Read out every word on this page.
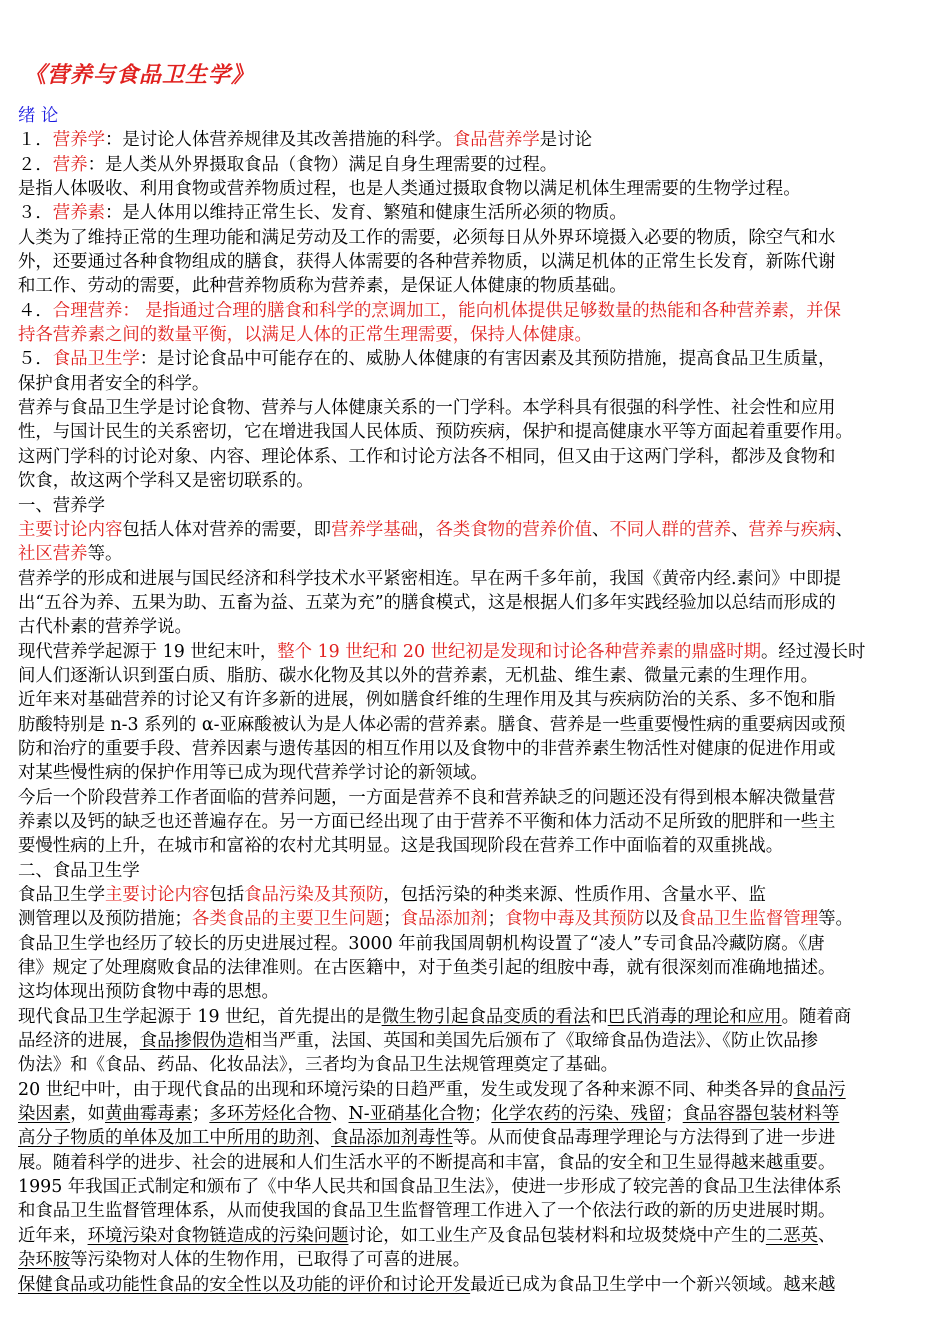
《营养与食品卫生学》
绪 论
１．营养学：是讨论人体营养规律及其改善措施的科学。食品营养学是讨论
２．营养：是人类从外界摄取食品（食物）满足自身生理需要的过程。
是指人体吸收、利用食物或营养物质过程，也是人类通过摄取食物以满足机体生理需要的生物学过程。
３．营养素：是人体用以维持正常生长、发育、繁殖和健康生活所必须的物质。
人类为了维持正常的生理功能和满足劳动及工作的需要，必须每日从外界环境摄入必要的物质，除空气和水
外，还要通过各种食物组成的膳食，获得人体需要的各种营养物质，以满足机体的正常生长发育，新陈代谢
和工作、劳动的需要，此种营养物质称为营养素，是保证人体健康的物质基础。
４．合理营养： 是指通过合理的膳食和科学的烹调加工，能向机体提供足够数量的热能和各种营养素，并保
持各营养素之间的数量平衡，以满足人体的正常生理需要，保持人体健康。
５．食品卫生学：是讨论食品中可能存在的、威胁人体健康的有害因素及其预防措施，提高食品卫生质量，
保护食用者安全的科学。
营养与食品卫生学是讨论食物、营养与人体健康关系的一门学科。本学科具有很强的科学性、社会性和应用
性，与国计民生的关系密切，它在增进我国人民体质、预防疾病，保护和提高健康水平等方面起着重要作用。
这两门学科的讨论对象、内容、理论体系、工作和讨论方法各不相同，但又由于这两门学科，都涉及食物和
饮食，故这两个学科又是密切联系的。
一、营养学
主要讨论内容包括人体对营养的需要，即营养学基础，各类食物的营养价值、不同人群的营养、营养与疾病、
社区营养等。
营养学的形成和进展与国民经济和科学技术水平紧密相连。早在两千多年前，我国《黄帝内经.素问》中即提
出“五谷为养、五果为助、五畜为益、五菜为充”的膳食模式，这是根据人们多年实践经验加以总结而形成的
古代朴素的营养学说。
现代营养学起源于 19 世纪末叶，整个 19 世纪和 20 世纪初是发现和讨论各种营养素的鼎盛时期。经过漫长时
间人们逐渐认识到蛋白质、脂肪、碳水化物及其以外的营养素，无机盐、维生素、微量元素的生理作用。
近年来对基础营养的讨论又有许多新的进展，例如膳食纤维的生理作用及其与疾病防治的关系、多不饱和脂
肪酸特别是 n-3 系列的 α-亚麻酸被认为是人体必需的营养素。膳食、营养是一些重要慢性病的重要病因或预
防和治疗的重要手段、营养因素与遗传基因的相互作用以及食物中的非营养素生物活性对健康的促进作用或
对某些慢性病的保护作用等已成为现代营养学讨论的新领域。
今后一个阶段营养工作者面临的营养问题，一方面是营养不良和营养缺乏的问题还没有得到根本解决微量营
养素以及钙的缺乏也还普遍存在。另一方面已经出现了由于营养不平衡和体力活动不足所致的肥胖和一些主
要慢性病的上升，在城市和富裕的农村尤其明显。这是我国现阶段在营养工作中面临着的双重挑战。
二、食品卫生学
食品卫生学主要讨论内容包括食品污染及其预防，包括污染的种类来源、性质作用、含量水平、监
测管理以及预防措施；各类食品的主要卫生问题；食品添加剂；食物中毒及其预防以及食品卫生监督管理等。
食品卫生学也经历了较长的历史进展过程。3000 年前我国周朝机构设置了“凌人”专司食品冷藏防腐。《唐
律》规定了处理腐败食品的法律准则。在古医籍中，对于鱼类引起的组胺中毒，就有很深刻而准确地描述。
这均体现出预防食物中毒的思想。
现代食品卫生学起源于 19 世纪，首先提出的是微生物引起食品变质的看法和巴氏消毒的理论和应用。随着商
品经济的进展，食品掺假伪造相当严重，法国、英国和美国先后颁布了《取缔食品伪造法》、《防止饮品掺
伪法》和《食品、药品、化妆品法》，三者均为食品卫生法规管理奠定了基础。
20 世纪中叶，由于现代食品的出现和环境污染的日趋严重，发生或发现了各种来源不同、种类各异的食品污
染因素，如黄曲霉毒素；多环芳烃化合物、N-亚硝基化合物；化学农药的污染、残留；食品容器包装材料等
高分子物质的单体及加工中所用的助剂、食品添加剂毒性等。从而使食品毒理学理论与方法得到了进一步进
展。随着科学的进步、社会的进展和人们生活水平的不断提高和丰富，食品的安全和卫生显得越来越重要。
1995 年我国正式制定和颁布了《中华人民共和国食品卫生法》，使进一步形成了较完善的食品卫生法律体系
和食品卫生监督管理体系，从而使我国的食品卫生监督管理工作进入了一个依法行政的新的历史进展时期。
近年来，环境污染对食物链造成的污染问题讨论，如工业生产及食品包装材料和垃圾焚烧中产生的二恶英、
杂环胺等污染物对人体的生物作用，已取得了可喜的进展。
保健食品或功能性食品的安全性以及功能的评价和讨论开发最近已成为食品卫生学中一个新兴领域。越来越
